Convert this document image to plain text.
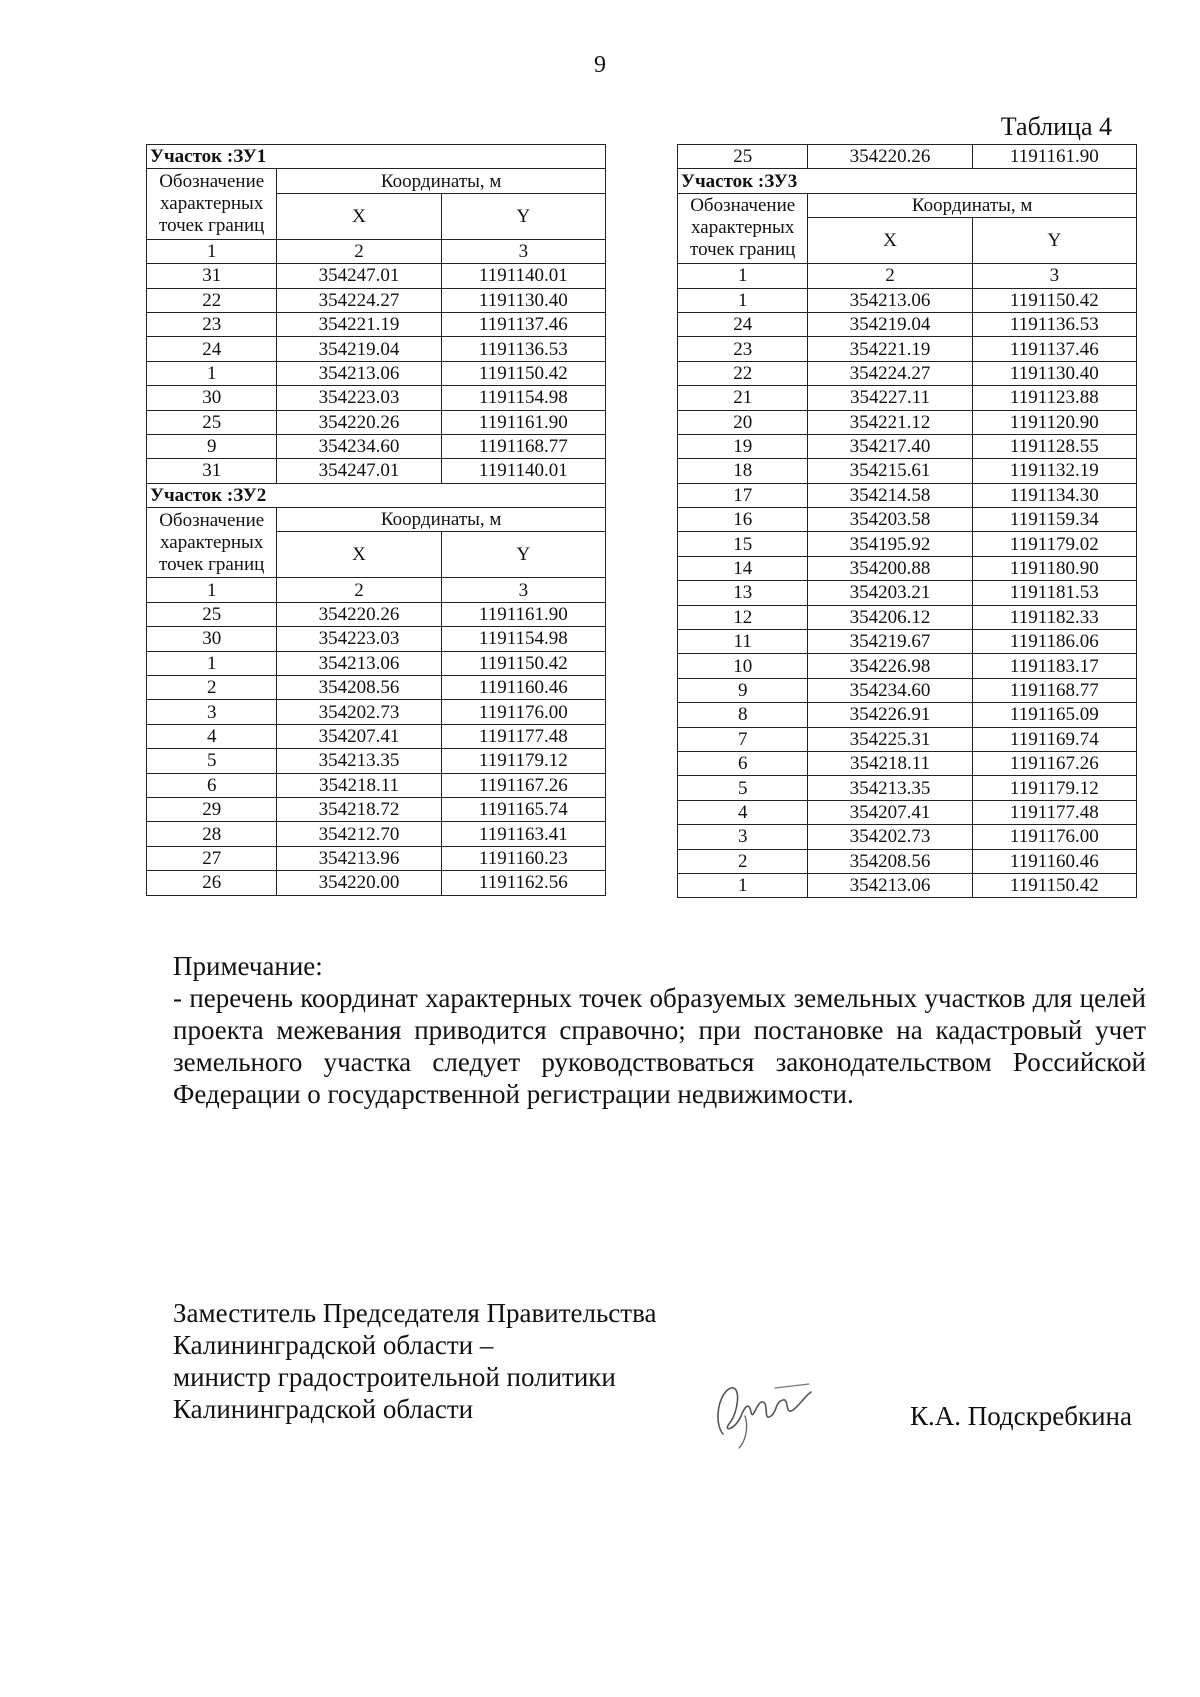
9
Таблица 4
Участок :ЗУ1		

Обозначение
характерных
точек границ	Координаты, м	
	X	Y
1	2	3
31	354247.01	1191140.01
22	354224.27	1191130.40
23	354221.19	1191137.46
24	354219.04	1191136.53
1	354213.06	1191150.42
30	354223.03	1191154.98
25	354220.26	1191161.90
9	354234.60	1191168.77
31	354247.01	1191140.01
Участок :ЗУ2		

Обозначение
характерных
точек границ	Координаты, м	
	X	Y
1	2	3
25	354220.26	1191161.90
30	354223.03	1191154.98
1	354213.06	1191150.42
2	354208.56	1191160.46
3	354202.73	1191176.00
4	354207.41	1191177.48
5	354213.35	1191179.12
6	354218.11	1191167.26
29	354218.72	1191165.74
28	354212.70	1191163.41
27	354213.96	1191160.23
26	354220.00	1191162.56
25	354220.26	1191161.90
Участок :ЗУ3		

Обозначение
характерных
точек границ	Координаты, м	
	X	Y
1	2	3
1	354213.06	1191150.42
24	354219.04	1191136.53
23	354221.19	1191137.46
22	354224.27	1191130.40
21	354227.11	1191123.88
20	354221.12	1191120.90
19	354217.40	1191128.55
18	354215.61	1191132.19
17	354214.58	1191134.30
16	354203.58	1191159.34
15	354195.92	1191179.02
14	354200.88	1191180.90
13	354203.21	1191181.53
12	354206.12	1191182.33
11	354219.67	1191186.06
10	354226.98	1191183.17
9	354234.60	1191168.77
8	354226.91	1191165.09
7	354225.31	1191169.74
6	354218.11	1191167.26
5	354213.35	1191179.12
4	354207.41	1191177.48
3	354202.73	1191176.00
2	354208.56	1191160.46
1	354213.06	1191150.42

Примечание:

- перечень координат характерных точек образуемых земельных участков для целей проекта межевания приводится справочно; при постановке на кадастровый учет земельного участка следует руководствоваться законодательством Российской Федерации о государственной регистрации недвижимости.

Заместитель Председателя Правительства
Калининградской области –
министр градостроительной политики
Калининградской области	К.А. Подскребкина
